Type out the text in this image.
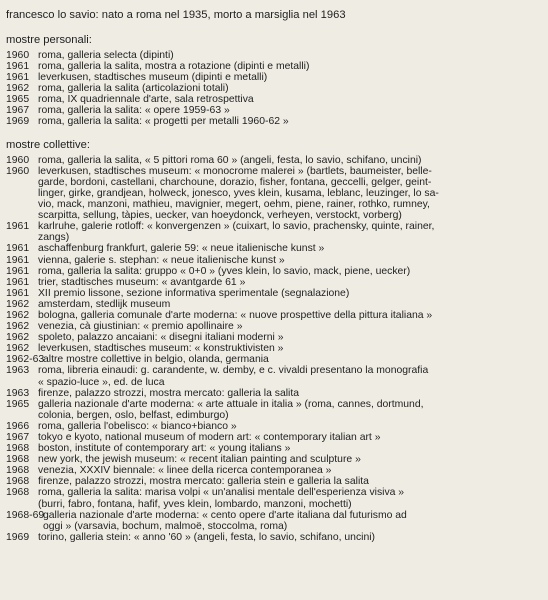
francesco lo savio: nato a roma nel 1935, morto a marsiglia nel 1963
mostre personali:
1960 roma, galleria selecta (dipinti)
1961 roma, galleria la salita, mostra a rotazione (dipinti e metalli)
1961 leverkusen, stadtisches museum (dipinti e metalli)
1962 roma, galleria la salita (articolazioni totali)
1965 roma, IX quadriennale d'arte, sala retrospettiva
1967 roma, galleria la salita: « opere 1959-63 »
1969 roma, galleria la salita: « progetti per metalli 1960-62 »
mostre collettive:
1960 roma, galleria la salita, « 5 pittori roma 60 » (angeli, festa, lo savio, schifano, uncini)
1960 leverkusen, stadtisches museum: « monocrome malerei » (bartlets, baumeister, belle-
garde, bordoni, castellani, charchoune, dorazio, fisher, fontana, geccelli, gelger, geint-
linger, girke, grandjean, holweck, jonesco, yves klein, kusama, leblanc, leuzinger, lo sa-
vio, mack, manzoni, mathieu, mavignier, megert, oehm, piene, rainer, rothko, rumney,
scarpitta, sellung, tàpies, uecker, van hoeydonck, verheyen, verstockt, vorberg)
1961 karlruhe, galerie rotloff: « konvergenzen » (cuixart, lo savio, prachensky, quinte, rainer,
zangs)
1961 aschaffenburg frankfurt, galerie 59: « neue italienische kunst »
1961 vienna, galerie s. stephan: « neue italienische kunst »
1961 roma, galleria la salita: gruppo « 0+0 » (yves klein, lo savio, mack, piene, uecker)
1961 trier, stadtisches museum: « avantgarde 61 »
1961 XII premio lissone, sezione informativa sperimentale (segnalazione)
1962 amsterdam, stedlijk museum
1962 bologna, galleria comunale d'arte moderna: « nuove prospettive della pittura italiana »
1962 venezia, cà giustinian: « premio apollinaire »
1962 spoleto, palazzo ancaiani: « disegni italiani moderni »
1962 leverkusen, stadtisches museum: « konstruktivisten »
1962-63
altre mostre collettive in belgio, olanda, germania
1963 roma, libreria einaudi: g. carandente, w. demby, e c. vivaldi presentano la monografia
« spazio-luce », ed. de luca
1963 firenze, palazzo strozzi, mostra mercato: galleria la salita
1965 galleria nazionale d'arte moderna: « arte attuale in italia » (roma, cannes, dortmund,
colonia, bergen, oslo, belfast, edimburgo)
1966 roma, galleria l'obelisco: « bianco+bianco »
1967 tokyo e kyoto, national museum of modern art: « contemporary italian art »
1968 boston, institute of contemporary art: « young italians »
1968 new york, the jewish museum: « recent italian painting and sculpture »
1968 venezia, XXXIV biennale: « linee della ricerca contemporanea »
1968 firenze, palazzo strozzi, mostra mercato: galleria stein e galleria la salita
1968 roma, galleria la salita: marisa volpi « un'analisi mentale dell'esperienza visiva »
(burri, fabro, fontana, hafif, yves klein, lombardo, manzoni, mochetti)
1968-69
galleria nazionale d'arte moderna: « cento opere d'arte italiana dal futurismo ad
oggi » (varsavia, bochum, malmoë, stoccolma, roma)
1969 torino, galleria stein: « anno '60 » (angeli, festa, lo savio, schifano, uncini)
